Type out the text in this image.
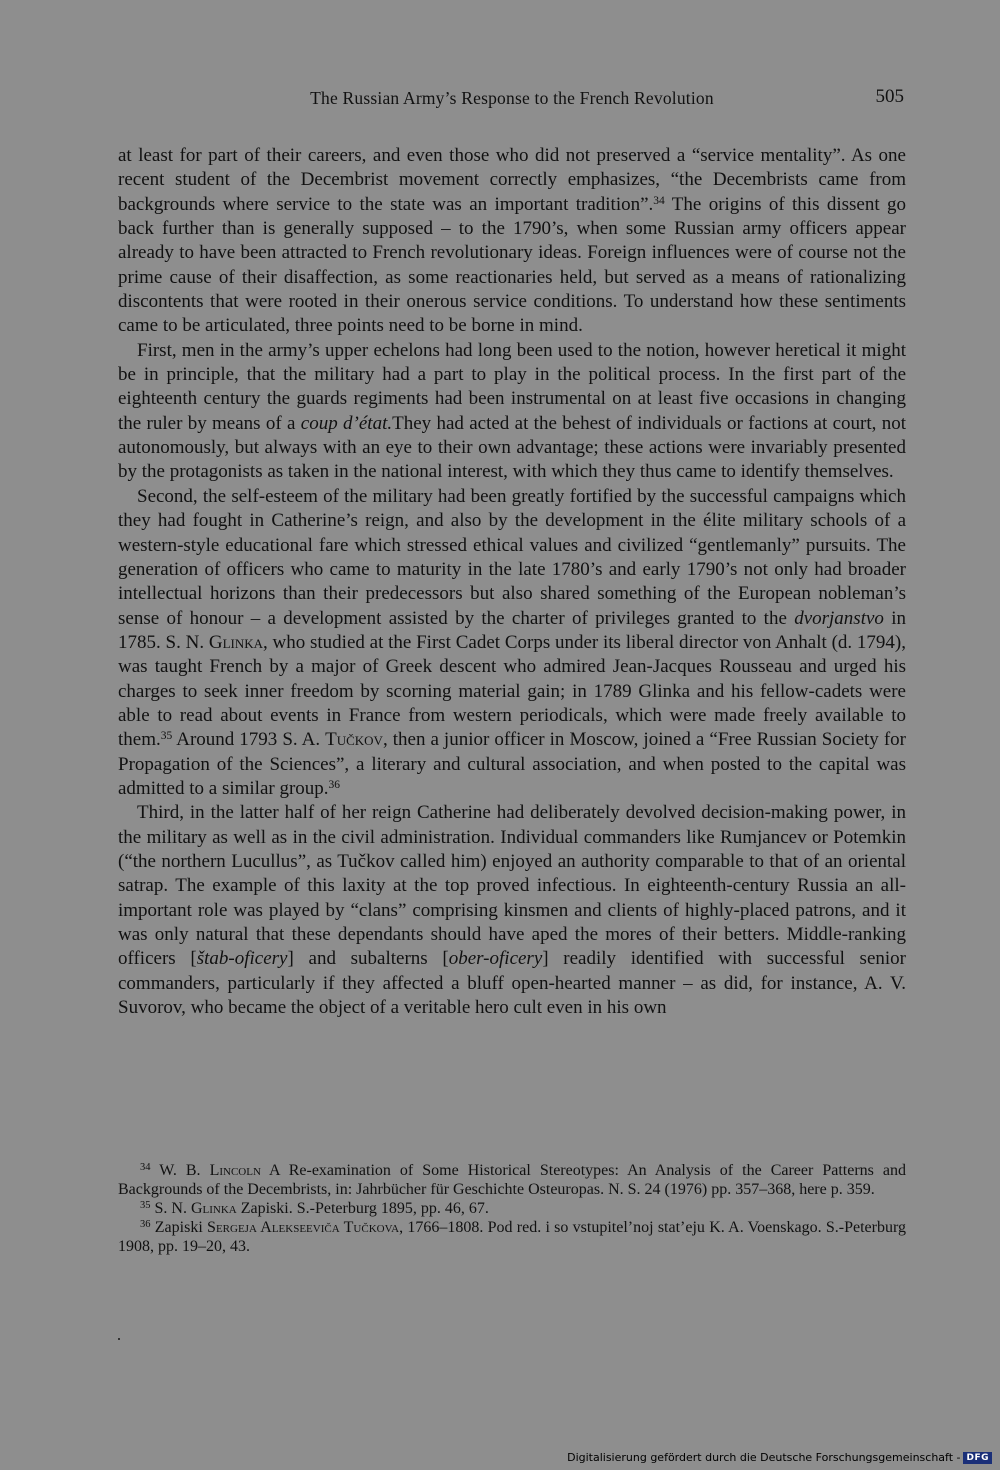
The Russian Army’s Response to the French Revolution	505

at least for part of their careers, and even those who did not preserved a “service mentality”. As one recent student of the Decembrist movement correctly emphasizes, “the Decembrists came from backgrounds where service to the state was an important tradition”.$^{34}$ The origins of this dissent go back further than is generally supposed – to the 1790’s, when some Russian army officers appear already to have been attracted to French revolutionary ideas. Foreign influences were of course not the prime cause of their disaffection, as some reactionaries held, but served as a means of rationalizing discontents that were rooted in their onerous service conditions. To understand how these sentiments came to be articulated, three points need to be borne in mind.

First, men in the army’s upper echelons had long been used to the notion, however heretical it might be in principle, that the military had a part to play in the political process. In the first part of the eighteenth century the guards regiments had been instrumental on at least five occasions in changing the ruler by means of a coup d’état.They had acted at the behest of individuals or factions at court, not autonomously, but always with an eye to their own advantage; these actions were invariably presented by the protagonists as taken in the national interest, with which they thus came to identify themselves.

Second, the self-esteem of the military had been greatly fortified by the successful campaigns which they had fought in Catherine’s reign, and also by the development in the élite military schools of a western-style educational fare which stressed ethical values and civilized “gentlemanly” pursuits. The generation of officers who came to maturity in the late 1780’s and early 1790’s not only had broader intellectual horizons than their predecessors but also shared something of the European nobleman’s sense of honour – a development assisted by the charter of privileges granted to the dvorjanstvo in 1785. S. N. Glinka, who studied at the First Cadet Corps under its liberal director von Anhalt (d. 1794), was taught French by a major of Greek descent who admired Jean-Jacques Rousseau and urged his charges to seek inner freedom by scorning material gain; in 1789 Glinka and his fellow-cadets were able to read about events in France from western periodicals, which were made freely available to them.$^{35}$ Around 1793 S. A. Tučkov, then a junior officer in Moscow, joined a “Free Russian Society for Propagation of the Sciences”, a literary and cultural association, and when posted to the capital was admitted to a similar group.$^{36}$

Third, in the latter half of her reign Catherine had deliberately devolved decision-making power, in the military as well as in the civil administration. Individual commanders like Rumjancev or Potemkin (“the northern Lucullus”, as Tučkov called him) enjoyed an authority comparable to that of an oriental satrap. The example of this laxity at the top proved infectious. In eighteenth-century Russia an all-important role was played by “clans” comprising kinsmen and clients of highly-placed patrons, and it was only natural that these dependants should have aped the mores of their betters. Middle-ranking officers [štab-oficery] and subalterns [ober-oficery] readily identified with successful senior commanders, particularly if they affected a bluff open-hearted manner – as did, for instance, A. V. Suvorov, who became the object of a veritable hero cult even in his own

$^{34}$ W. B. Lincoln A Re-examination of Some Historical Stereotypes: An Analysis of the Career Patterns and Backgrounds of the Decembrists, in: Jahrbücher für Geschichte Osteuropas. N. S. 24 (1976) pp. 357–368, here p. 359.

$^{35}$ S. N. Glinka Zapiski. S.-Peterburg 1895, pp. 46, 67.

$^{36}$ Zapiski Sergeja Alekseeviča Tučkova, 1766–1808. Pod red. i so vstupitel’noj stat’eju K. A. Voenskago. S.-Peterburg 1908, pp. 19–20, 43.

Digitalisierung gefördert durch die Deutsche Forschungsgemeinschaft - DFG
